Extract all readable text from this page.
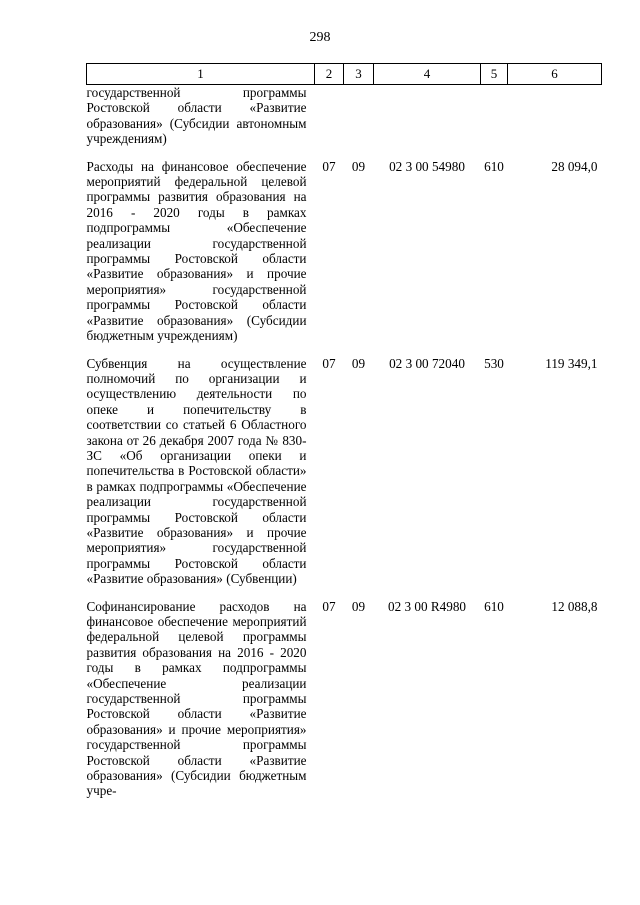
298
1	2	3	4	5	6
государственной программы Ростовской области «Развитие образования» (Субсидии автономным учреждениям)					

Расходы на финансовое обеспечение мероприятий федеральной целевой программы развития образования на 2016 - 2020 годы в рамках подпрограммы «Обеспечение реализации государственной программы Ростовской области «Развитие образования» и прочие мероприятия» государственной программы Ростовской области «Развитие образования» (Субсидии бюджетным учреждениям)	07	09	02 3 00 54980	610	28 094,0

Субвенция на осуществление полномочий по организации и осуществлению деятельности по опеке и попечительству в соответствии со статьей 6 Областного закона от 26 декабря 2007 года № 830-ЗС «Об организации опеки и попечительства в Ростовской области» в рамках подпрограммы «Обеспечение реализации государственной программы Ростовской области «Развитие образования» и прочие мероприятия» государственной программы Ростовской области «Развитие образования» (Субвенции)	07	09	02 3 00 72040	530	119 349,1

Софинансирование расходов на финансовое обеспечение мероприятий федеральной целевой программы развития образования на 2016 - 2020 годы в рамках подпрограммы «Обеспечение реализации государственной программы Ростовской области «Развитие образования» и прочие мероприятия» государственной программы Ростовской области «Развитие образования» (Субсидии бюджетным учре-	07	09	02 3 00 R4980	610	12 088,8
